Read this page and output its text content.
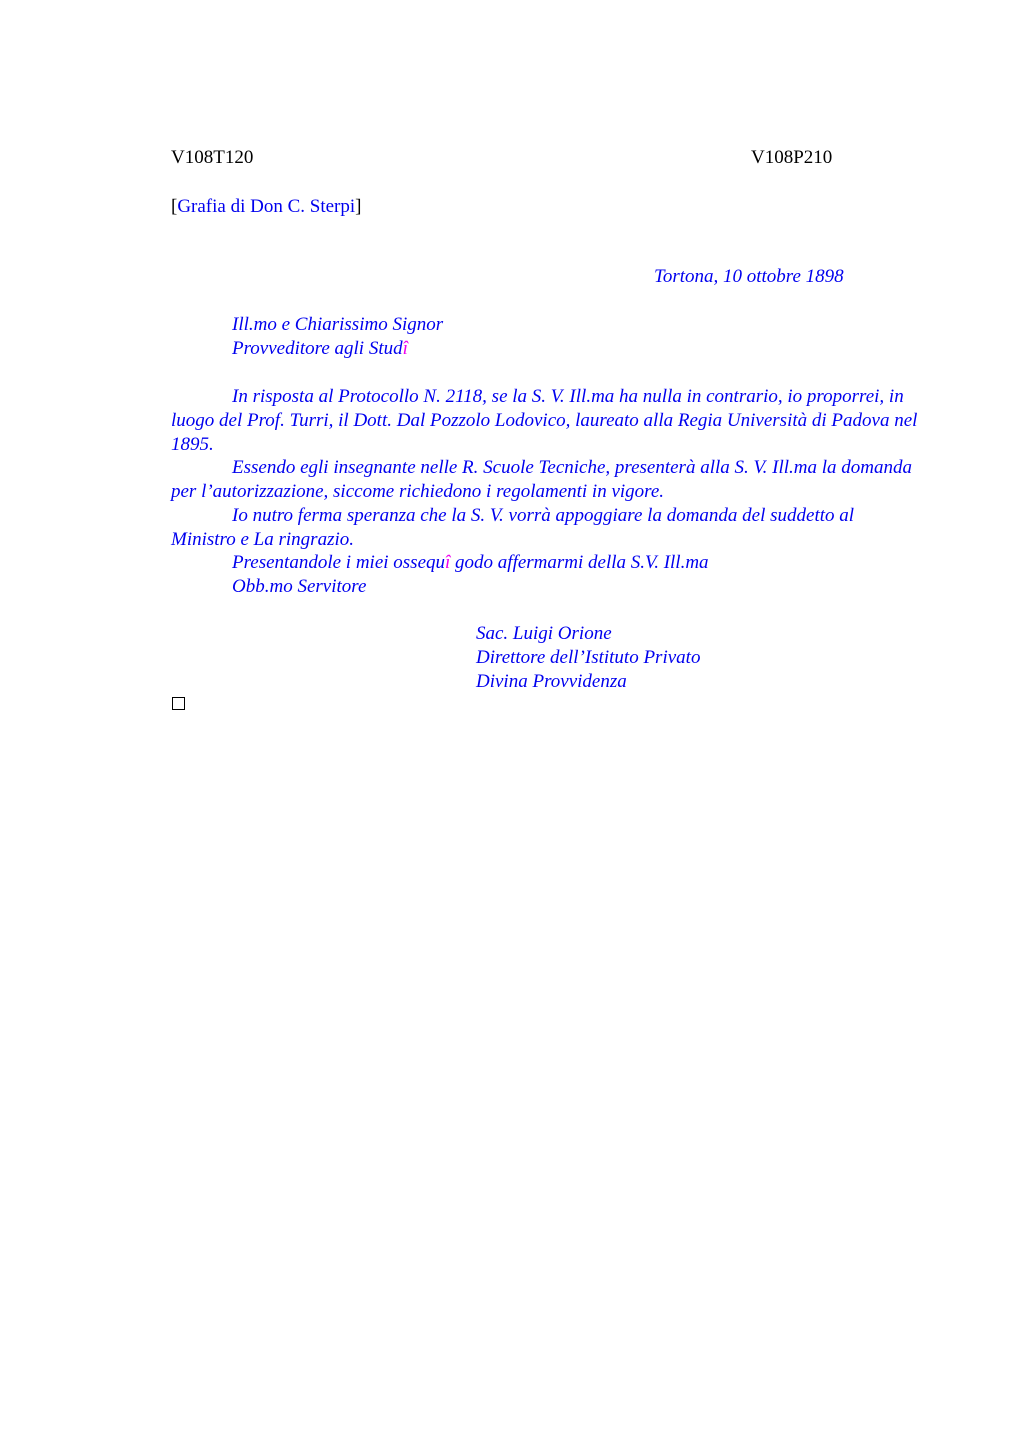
V108T120	V108P210
[Grafia di Don C. Sterpi]
Tortona, 10 ottobre 1898
Ill.mo e Chiarissimo Signor
Provveditore agli Studî

In risposta al Protocollo N. 2118, se la S. V. Ill.ma ha nulla in contrario, io proporrei, in luogo del Prof. Turri, il Dott. Dal Pozzolo Lodovico, laureato alla Regia Università di Padova nel 1895.

Essendo egli insegnante nelle R. Scuole Tecniche, presenterà alla S. V. Ill.ma la domanda per l’autorizzazione, siccome richiedono i regolamenti in vigore.

Io nutro ferma speranza che la S. V. vorrà appoggiare la domanda del suddetto al Ministro e La ringrazio.

Presentandole i miei ossequî godo affermarmi della S.V. Ill.ma
Obb.mo Servitore
Sac. Luigi Orione
Direttore dell’Istituto Privato
Divina Provvidenza
